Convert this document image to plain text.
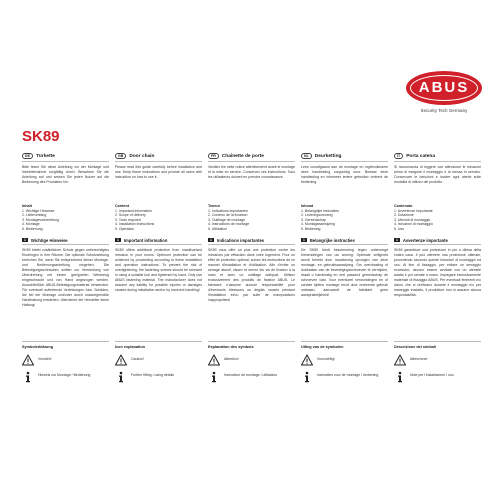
ABUS
Security Tech Germany
SK89
DE	Türkette

Bitte lesen Sie diese Anleitung vor der Montage und Inbetriebnahme sorgfältig durch. Bewahren Sie die Anleitung auf und weisen Sie jeden Nutzer auf die Bedienung des Produktes hin.

Inhalt
1. Wichtige Hinweise
2. Lieferumfang
3. Montagevorbereitung
4. Montage
5. Bedienung
1	Wichtige Hinweise

SK89 bietet zusätzlichen Schutz gegen unberechtigtes Eindringen in Ihre Räume. Die optimale Schutzwirkung erreichen Sie, wenn Sie entsprechend dieser Montage- und Bedienungsanleitung vorgehen. Die Befestigungsschrauben sollten zur Vermeidung von Überdrehung mit einem geeigneten Werkzeug eingeschraubt und von Hand angezogen werden. Ausschließlich ABUS-Befestigungsmaterial verwenden. Für eventuell auftretende Verletzungen bzw. Schäden, die bei der Montage und/oder durch unsachgemäße Handhabung entstehen, übernimmt der Hersteller keine Haftung!

Symbolerklärung
Vorsicht!
Hinweis zur Montage / Bedienung
GB	Door chain

Please read this guide carefully before installation and use. Keep these instructions and provide all users with instruction on how to use it.

Content
1. Important information
2. Scope of delivery
3. Tools required
4. Installation instructions
5. Operation
1	Important information

SK89 offers additional protection from unauthorised intrusion in your rooms. Optimum protection can be achieved by proceeding according to these installation and operation instructions. To prevent the risk of overtightening, the fastening screws should be screwed in using a suitable tool and tightened by hand. Only use ABUS fastening material. The manufacturer does not assume any liability for possible injuries or damages caused during installation and/or by incorrect handling!

Icon explanation
Caution!
Further fitting / using details
FR	Chaînette de porte

Veuillez lire cette notice attentivement avant le montage et la mise en service. Conservez ces instructions. Tous les utilisateurs doivent en prendre connaissance.

Teneur
1. Indications importantes
2. Contenu de la livraison
3. Outillage de montage
4. Instructions de montage
5. Utilisation
1	Indications importantes

SK89 vous offre un plus une protection contre les intrusions par effraction dans votre logement. Pour un effet de protection optimal, suivez les instructions de ce manuel d'installation et d'utilisation. Afin d'éviter un serrage abusif, vissez et serrez les vis de fixation à la main et avec un outillage adéquat. Utilisez exclusivement des produits de fixation ABUS. Le fabricant n'assume aucune responsabilité pour d'éventuels blessures ou dégâts causés pendant l'installation et/ou par suite de manipulations inappropriées!

Explanation des symbols
Attention!
Instruction de montage / utilisation
NL	Deurketting

Lees voorafgaand aan de montage en ingebruikname deze handleiding zorgvuldig door. Bewaar deze handleiding en informeer iedere gebruiker omtrent de bediening.

Inhoud
1. Belangrijke instructies
2. Leveringsomvang
3. Gereedschap
4. Montageaanwijzing
5. Bediening
1	Belangrijke instructies

De SK89 biedt bescherming tegen onbevoegd binnendringen van uw woning. Optimale veiligheid wordt bereikt door nauwkeurig opvolgen van deze montage- en gebruiksaanwijzing. Om overdraaiing of doldraaien van de bevestigingsschroeven te vermijden, draait u handmatig en met passend gereedschap de schroeven vast. Voor eventueel verwondingen en of schade tijdens montage en/of door verkeerde gebruik ontstaan, aanvaardt de fabrikant geen aansprakelijkheid!

Uitleg van de symbolen
Voorzichtig!
Instructies voor de montage / bediening
IT	Porta catena

Si raccomanda di leggere con attenzione le istruzioni prima di eseguire il montaggio e la messa in servizio. Conservare le istruzioni e inviare ogni utente sulle modalità di utilizzo del prodotto.

Contenuto
1. Avvertenze importante
2. Dotazione
3. Utensili di montaggio
4. Istruzioni di montaggio
5. Uso
1	Avvertenze importante

SK89 garantisce una protezione in più a difesa della vostra casa. Il può ottenere una protezione ottimale, procedendo secondo queste istruzioni di montaggio ed uso. Al fine di fissaggio, per evitare un serraggio eccessivo, devono essere avvitate con un utensile adatto e poi serrate a mano. Impiegare esclusivamente materiale di fissaggio ABUS. Per eventuali ferimenti e/o danni, che si verificano durante il montaggio e/o per maneggio inadatto, il produttore non si assume alcuna responsabilità.

Descrizione dei simboli
Attenzione!
Note per l'installazione / uso
